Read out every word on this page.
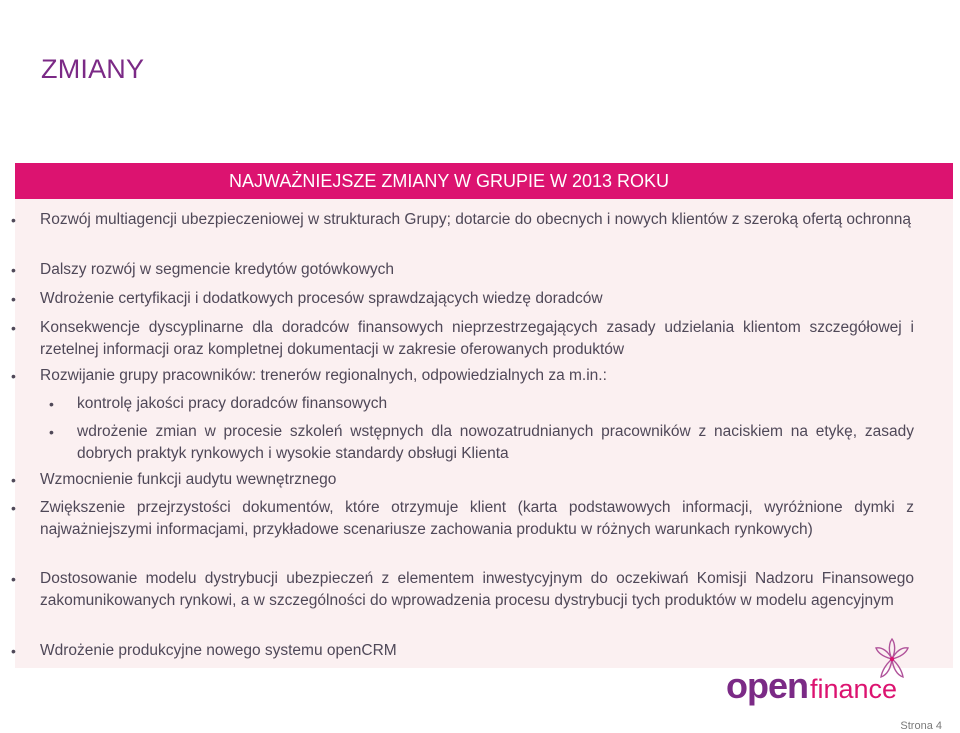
ZMIANY
NAJWAŻNIEJSZE ZMIANY W GRUPIE W 2013 ROKU
• Rozwój multiagencji ubezpieczeniowej w strukturach Grupy; dotarcie do obecnych i nowych klientów z szeroką ofertą ochronną
• Dalszy rozwój w segmencie kredytów gotówkowych
• Wdrożenie certyfikacji i dodatkowych procesów sprawdzających wiedzę doradców
• Konsekwencje dyscyplinarne dla doradców finansowych nieprzestrzegających zasady udzielania klientom szczegółowej i rzetelnej informacji oraz kompletnej dokumentacji w zakresie oferowanych produktów
• Rozwijanie grupy pracowników: trenerów regionalnych, odpowiedzialnych za m.in.:
• kontrolę jakości pracy doradców finansowych
• wdrożenie zmian w procesie szkoleń wstępnych dla nowozatrudnianych pracowników z naciskiem na etykę, zasady dobrych praktyk rynkowych i wysokie standardy obsługi Klienta
• Wzmocnienie funkcji audytu wewnętrznego
• Zwiększenie przejrzystości dokumentów, które otrzymuje klient (karta podstawowych informacji, wyróżnione dymki z najważniejszymi informacjami, przykładowe scenariusze zachowania produktu w różnych warunkach rynkowych)
• Dostosowanie modelu dystrybucji ubezpieczeń z elementem inwestycyjnym do oczekiwań Komisji Nadzoru Finansowego zakomunikowanych rynkowi, a w szczególności do wprowadzenia procesu dystrybucji tych produktów w modelu agencyjnym
• Wdrożenie produkcyjne nowego systemu openCRM
openfinance
Strona 4
